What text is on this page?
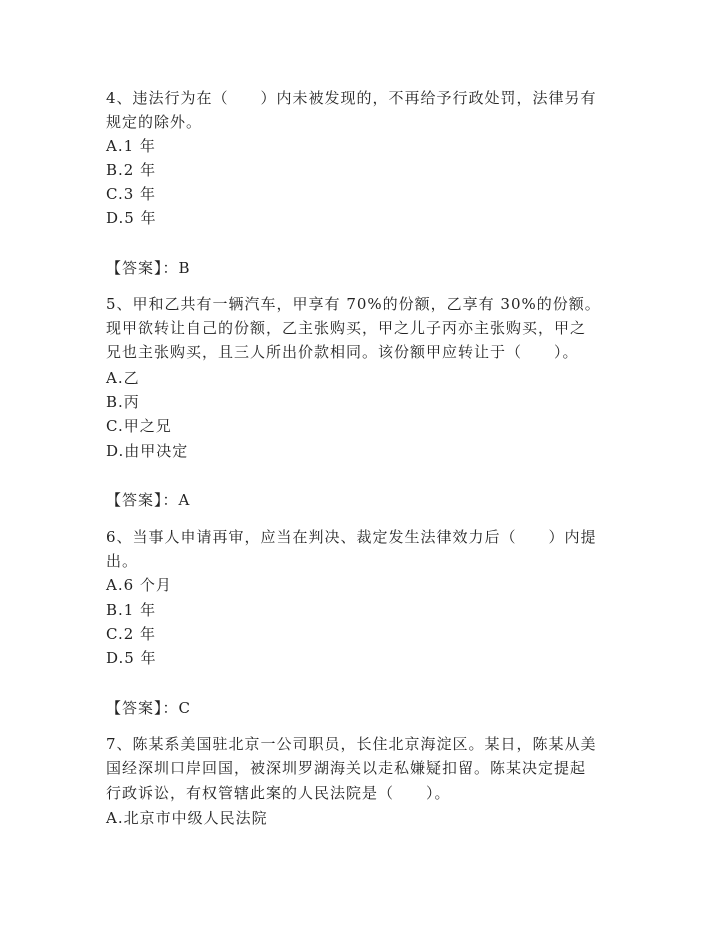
4、违法行为在（　　）内未被发现的，不再给予行政处罚，法律另有
规定的除外。
A.1 年
B.2 年
C.3 年
D.5 年
【答案】：B
5、甲和乙共有一辆汽车，甲享有 70%的份额，乙享有 30%的份额。
现甲欲转让自己的份额，乙主张购买，甲之儿子丙亦主张购买，甲之
兄也主张购买，且三人所出价款相同。该份额甲应转让于（　　）。
A.乙
B.丙
C.甲之兄
D.由甲决定
【答案】：A
6、当事人申请再审，应当在判决、裁定发生法律效力后（　　）内提
出。
A.6 个月
B.1 年
C.2 年
D.5 年
【答案】：C
7、陈某系美国驻北京一公司职员，长住北京海淀区。某日，陈某从美
国经深圳口岸回国，被深圳罗湖海关以走私嫌疑扣留。陈某决定提起
行政诉讼，有权管辖此案的人民法院是（　　）。
A.北京市中级人民法院
